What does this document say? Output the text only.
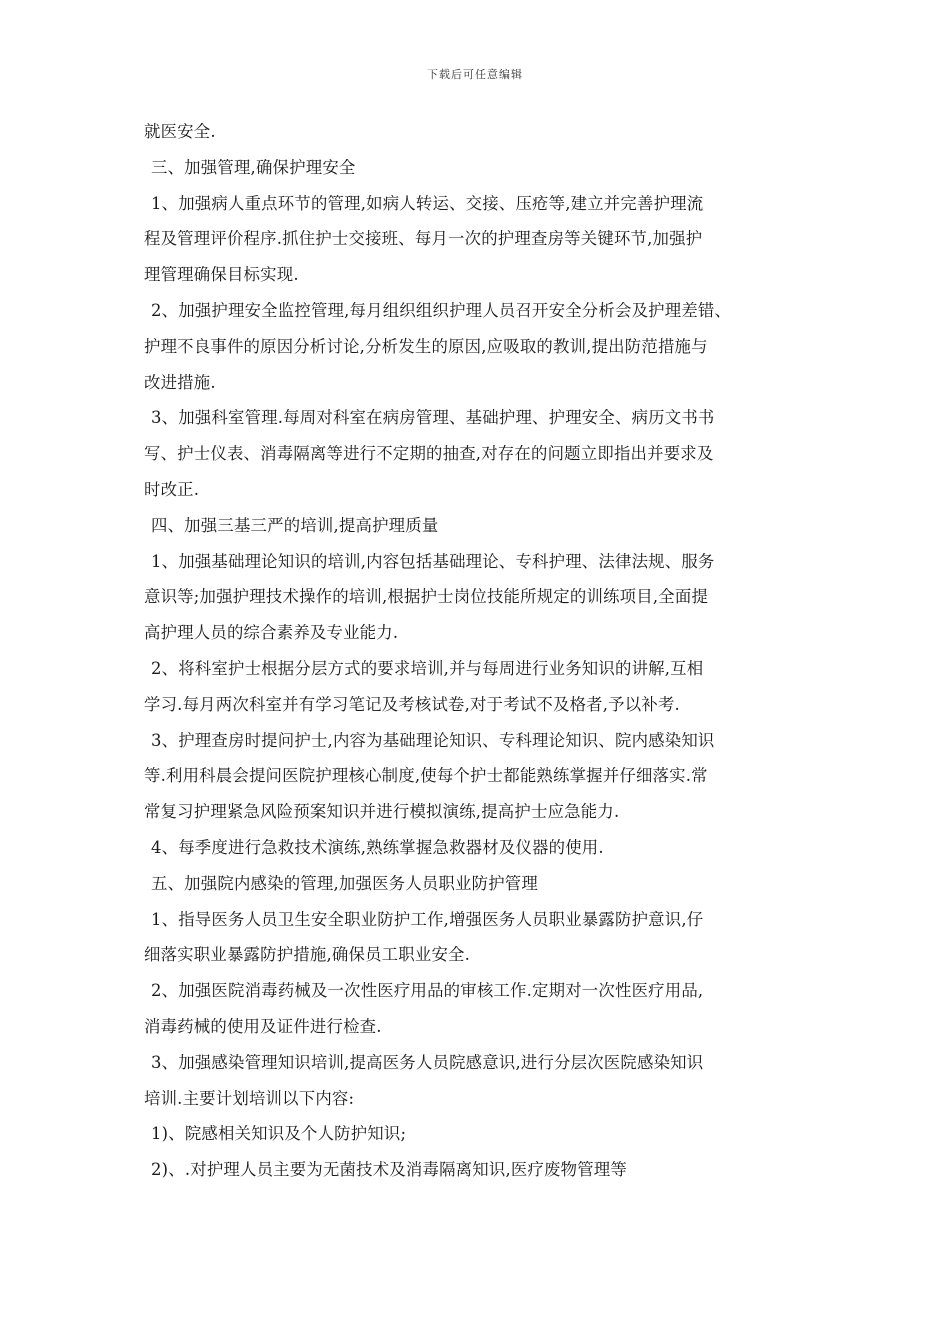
下载后可任意编辑
就医安全.
三、加强管理,确保护理安全
1、加强病人重点环节的管理,如病人转运、交接、压疮等,建立并完善护理流
程及管理评价程序.抓住护士交接班、每月一次的护理查房等关键环节,加强护
理管理确保目标实现.
2、加强护理安全监控管理,每月组织组织护理人员召开安全分析会及护理差错、
护理不良事件的原因分析讨论,分析发生的原因,应吸取的教训,提出防范措施与
改进措施.
3、加强科室管理.每周对科室在病房管理、基础护理、护理安全、病历文书书
写、护士仪表、消毒隔离等进行不定期的抽查,对存在的问题立即指出并要求及
时改正.
四、加强三基三严的培训,提高护理质量
1、加强基础理论知识的培训,内容包括基础理论、专科护理、法律法规、服务
意识等;加强护理技术操作的培训,根据护士岗位技能所规定的训练项目,全面提
高护理人员的综合素养及专业能力.
2、将科室护士根据分层方式的要求培训,并与每周进行业务知识的讲解,互相
学习.每月两次科室并有学习笔记及考核试卷,对于考试不及格者,予以补考.
3、护理查房时提问护士,内容为基础理论知识、专科理论知识、院内感染知识
等.利用科晨会提问医院护理核心制度,使每个护士都能熟练掌握并仔细落实.常
常复习护理紧急风险预案知识并进行模拟演练,提高护士应急能力.
4、每季度进行急救技术演练,熟练掌握急救器材及仪器的使用.
五、加强院内感染的管理,加强医务人员职业防护管理
1、指导医务人员卫生安全职业防护工作,增强医务人员职业暴露防护意识,仔
细落实职业暴露防护措施,确保员工职业安全.
2、加强医院消毒药械及一次性医疗用品的审核工作.定期对一次性医疗用品,
消毒药械的使用及证件进行检查.
3、加强感染管理知识培训,提高医务人员院感意识,进行分层次医院感染知识
培训.主要计划培训以下内容:
1)、院感相关知识及个人防护知识;
2)、.对护理人员主要为无菌技术及消毒隔离知识,医疗废物管理等
